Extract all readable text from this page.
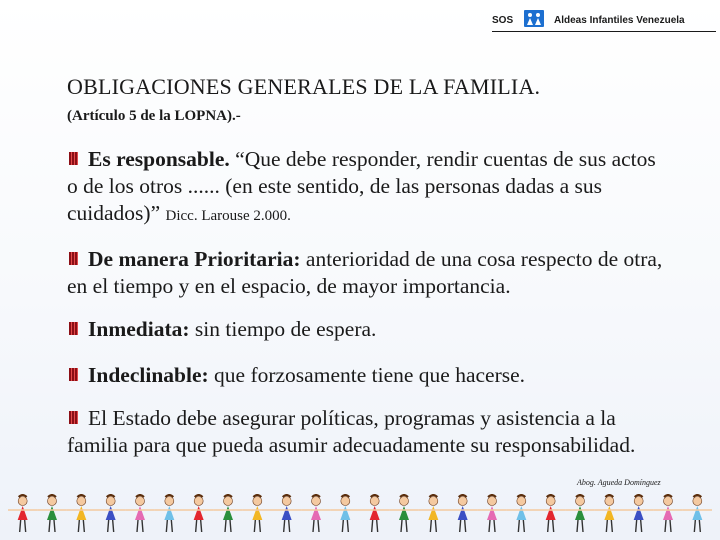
SOS	Aldeas Infantiles Venezuela
OBLIGACIONES GENERALES DE LA FAMILIA.
(Artículo 5 de la LOPNA).-
Es responsable. “Que debe responder, rendir cuentas de sus actos o de los otros ...... (en este sentido, de las personas dadas a sus cuidados)” Dicc. Larouse 2.000.
De manera Prioritaria: anterioridad de una cosa respecto de otra, en el tiempo y en el espacio, de mayor importancia.
Inmediata: sin tiempo de espera.
Indeclinable: que forzosamente tiene que hacerse.
El Estado debe asegurar políticas, programas y asistencia a la familia para que pueda asumir adecuadamente su responsabilidad.
Abog. Agueda Domínguez
